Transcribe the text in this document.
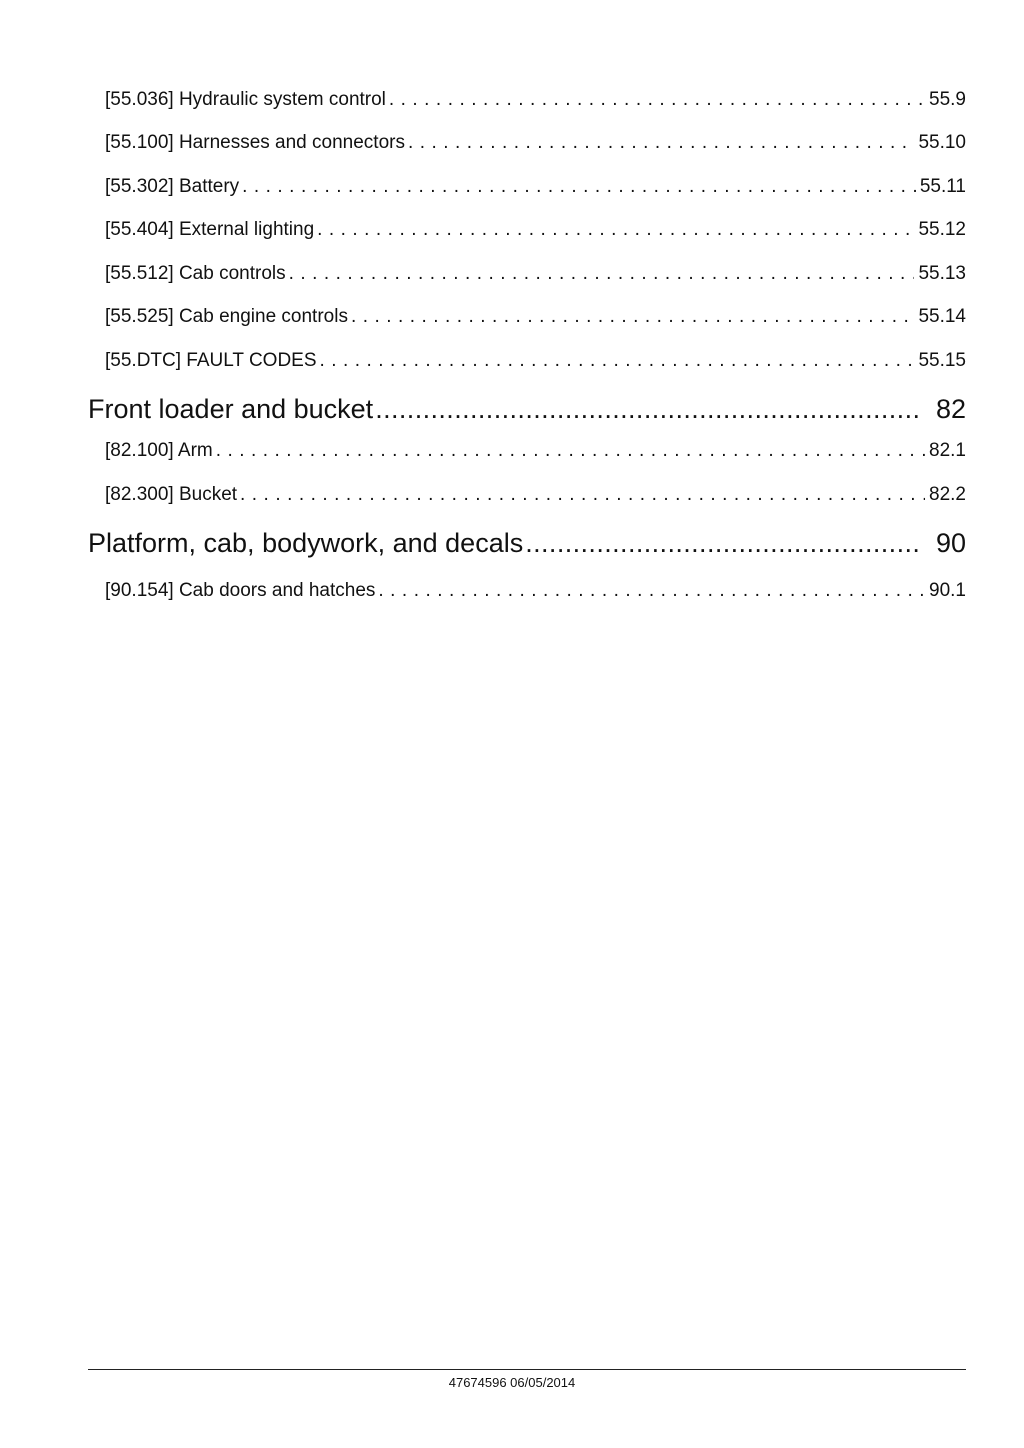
[55.036] Hydraulic system control . . .	55.9
[55.100] Harnesses and connectors . . .	55.10
[55.302] Battery . . .	55.11
[55.404] External lighting . . .	55.12
[55.512] Cab controls . . .	55.13
[55.525] Cab engine controls . . .	55.14
[55.DTC] FAULT CODES . . .	55.15
Front loader and bucket .....	82
[82.100] Arm . . .	82.1
[82.300] Bucket . . .	82.2
Platform, cab, bodywork, and decals .....	90
[90.154] Cab doors and hatches . . .	90.1
47674596 06/05/2014
